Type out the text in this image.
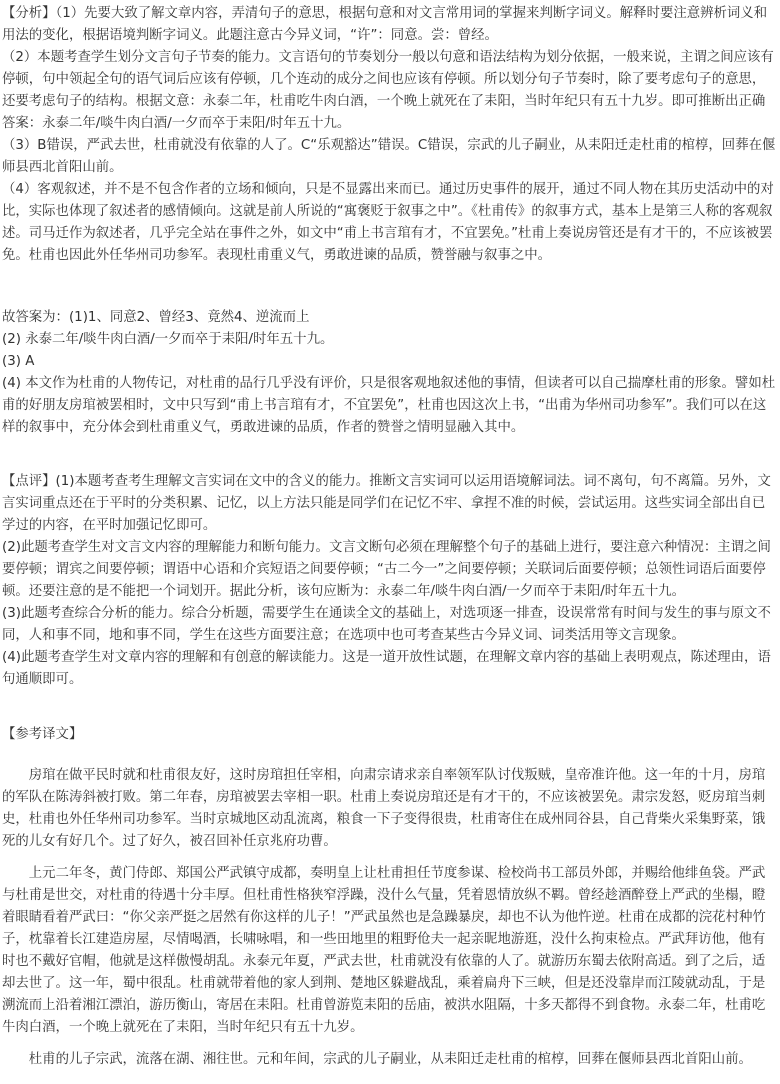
【分析】（1）先要大致了解文章内容，弄清句子的意思，根据句意和对文言常用词的掌握来判断字词义。解释时要注意辨析词义和用法的变化，根据语境判断字词义。此题注意古今异义词，“许”：同意。尝：曾经。

（2）本题考查学生划分文言句子节奏的能力。文言语句的节奏划分一般以句意和语法结构为划分依据，一般来说，主谓之间应该有停顿，句中领起全句的语气词后应该有停顿，几个连动的成分之间也应该有停顿。所以划分句子节奏时，除了要考虑句子的意思，还要考虑句子的结构。根据文意：永泰二年，杜甫吃牛肉白酒，一个晚上就死在了耒阳，当时年纪只有五十九岁。即可推断出正确答案：永泰二年/啖牛肉白酒/一夕而卒于耒阳/时年五十九。

（3）B错误，严武去世，杜甫就没有依靠的人了。C“乐观豁达”错误。C错误，宗武的儿子嗣业，从耒阳迁走杜甫的棺椁，回葬在偃师县西北首阳山前。

（4）客观叙述，并不是不包含作者的立场和倾向，只是不显露出来而已。通过历史事件的展开，通过不同人物在其历史活动中的对比，实际也体现了叙述者的感情倾向。这就是前人所说的“寓褒贬于叙事之中”。《杜甫传》的叙事方式，基本上是第三人称的客观叙述。司马迁作为叙述者，几乎完全站在事件之外，如文中“甫上书言琯有才，不宜罢免。”杜甫上奏说房管还是有才干的，不应该被罢免。杜甫也因此外任华州司功参军。表现杜甫重义气，勇敢进谏的品质，赞誉融与叙事之中。

故答案为：(1)1、同意2、曾经3、竟然4、逆流而上

(2) 永泰二年/啖牛肉白酒/一夕而卒于耒阳/时年五十九。

(3) A

(4) 本文作为杜甫的人物传记，对杜甫的品行几乎没有评价，只是很客观地叙述他的事情，但读者可以自己揣摩杜甫的形象。譬如杜甫的好朋友房琯被罢相时，文中只写到“甫上书言琯有才，不宜罢免”，杜甫也因这次上书，“出甫为华州司功参军”。我们可以在这样的叙事中，充分体会到杜甫重义气，勇敢进谏的品质，作者的赞誉之情明显融入其中。

【点评】(1)本题考查考生理解文言实词在文中的含义的能力。推断文言实词可以运用语境解词法。词不离句，句不离篇。另外，文言实词重点还在于平时的分类积累、记忆，以上方法只能是同学们在记忆不牢、拿捏不准的时候，尝试运用。这些实词全部出自已学过的内容，在平时加强记忆即可。

(2)此题考查学生对文言文内容的理解能力和断句能力。文言文断句必须在理解整个句子的基础上进行，要注意六种情况：主谓之间要停顿；谓宾之间要停顿；谓语中心语和介宾短语之间要停顿；“古二今一”之间要停顿；关联词后面要停顿；总领性词语后面要停顿。还要注意的是不能把一个词划开。据此分析，该句应断为：永泰二年/啖牛肉白酒/一夕而卒于耒阳/时年五十九。

(3)此题考查综合分析的能力。综合分析题，需要学生在通读全文的基础上，对选项逐一排查，设误常常有时间与发生的事与原文不同，人和事不同，地和事不同，学生在这些方面要注意；在选项中也可考查某些古今异义词、词类活用等文言现象。

(4)此题考查学生对文章内容的理解和有创意的解读能力。这是一道开放性试题，在理解文章内容的基础上表明观点，陈述理由，语句通顺即可。

【参考译文】

房琯在做平民时就和杜甫很友好，这时房琯担任宰相，向肃宗请求亲自率领军队讨伐叛贼，皇帝准许他。这一年的十月，房琯的军队在陈涛斜被打败。第二年春，房琯被罢去宰相一职。杜甫上奏说房琯还是有才干的，不应该被罢免。肃宗发怒，贬房琯当刺史，杜甫也外任华州司功参军。当时京城地区动乱流离，粮食一下子变得很贵，杜甫寄住在成州同谷县，自己背柴火采集野菜，饿死的儿女有好几个。过了好久，被召回补任京兆府功曹。

上元二年冬，黄门侍郎、郑国公严武镇守成都，奏明皇上让杜甫担任节度参谋、检校尚书工部员外郎，并赐给他绯鱼袋。严武与杜甫是世交，对杜甫的待遇十分丰厚。但杜甫性格狭窄浮躁，没什么气量，凭着恩情放纵不羁。曾经趁酒醉登上严武的坐榻，瞪着眼睛看着严武曰：“你父亲严挺之居然有你这样的儿子！”严武虽然也是急躁暴戾，却也不认为他忤逆。杜甫在成都的浣花村种竹子，枕靠着长江建造房屋，尽情喝酒，长啸咏唱，和一些田地里的粗野伧夫一起亲昵地游逛，没什么拘束检点。严武拜访他，他有时也不戴好官帽，他就是这样傲慢胡乱。永泰元年夏，严武去世，杜甫就没有依靠的人了。就游历东蜀去依附高适。到了之后，适却去世了。这一年，蜀中很乱。杜甫就带着他的家人到荆、楚地区躲避战乱，乘着扁舟下三峡，但是还没靠岸而江陵就动乱，于是溯流而上沿着湘江漂泊，游历衡山，寄居在耒阳。杜甫曾游览耒阳的岳庙，被洪水阻隔，十多天都得不到食物。永泰二年，杜甫吃牛肉白酒，一个晚上就死在了耒阳，当时年纪只有五十九岁。

杜甫的儿子宗武，流落在湖、湘往世。元和年间，宗武的儿子嗣业，从耒阳迁走杜甫的棺椁，回葬在偃师县西北首阳山前。
